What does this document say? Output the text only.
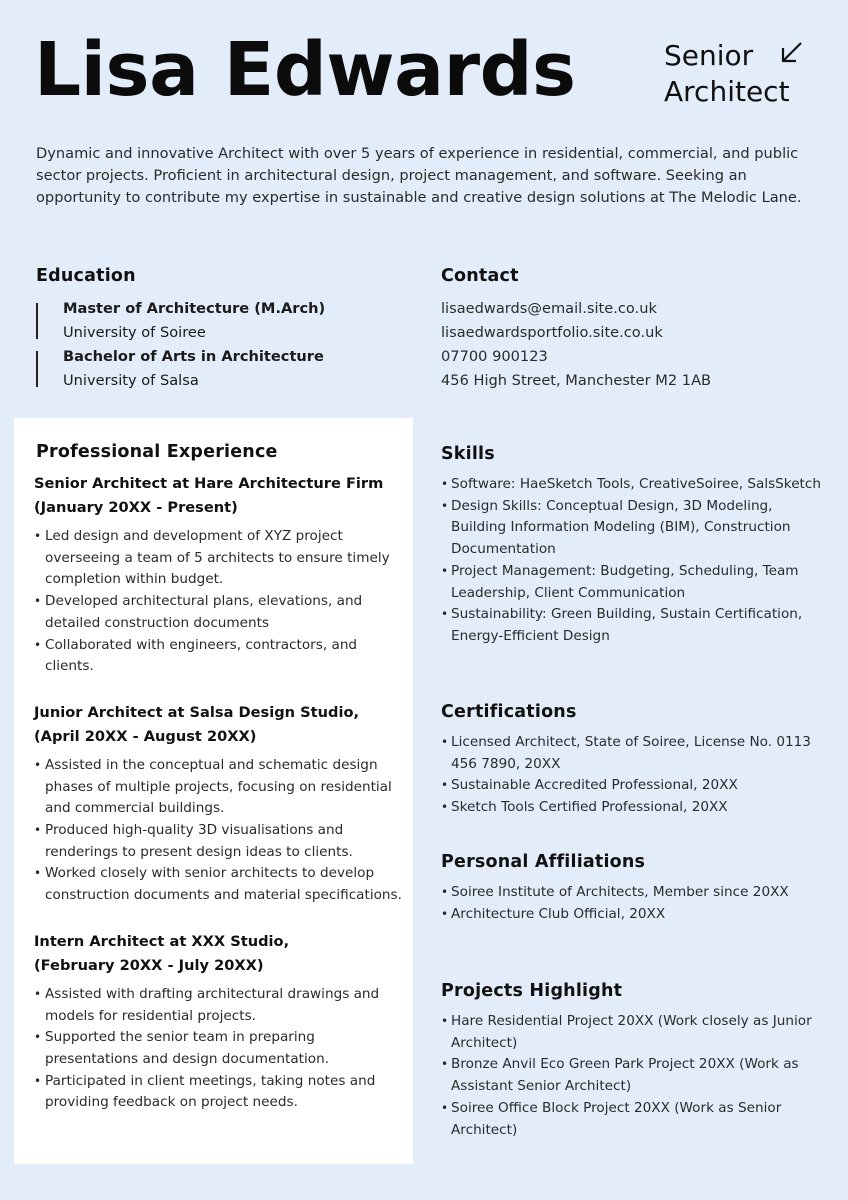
Lisa Edwards	Senior
Architect

Dynamic and innovative Architect with over 5 years of experience in residential, commercial, and public sector projects. Proficient in architectural design, project management, and software. Seeking an opportunity to contribute my expertise in sustainable and creative design solutions at The Melodic Lane.

Education
Master of Architecture (M.Arch)
University of Soiree
Bachelor of Arts in Architecture
University of Salsa
Contact
lisaedwards@email.site.co.uk
lisaedwardsportfolio.site.co.uk
07700 900123
456 High Street, Manchester M2 1AB
Professional Experience
Senior Architect at Hare Architecture Firm
(January 20XX - Present)
• Led design and development of XYZ project overseeing a team of 5 architects to ensure timely completion within budget.
• Developed architectural plans, elevations, and detailed construction documents
• Collaborated with engineers, contractors, and clients.
Junior Architect at Salsa Design Studio,
(April 20XX - August 20XX)
• Assisted in the conceptual and schematic design phases of multiple projects, focusing on residential and commercial buildings.
• Produced high-quality 3D visualisations and renderings to present design ideas to clients.
• Worked closely with senior architects to develop construction documents and material specifications.
Intern Architect at XXX Studio,
(February 20XX - July 20XX)
• Assisted with drafting architectural drawings and models for residential projects.
• Supported the senior team in preparing presentations and design documentation.
• Participated in client meetings, taking notes and providing feedback on project needs.
Skills
• Software: HaeSketch Tools, CreativeSoiree, SalsSketch
• Design Skills: Conceptual Design, 3D Modeling, Building Information Modeling (BIM), Construction Documentation
• Project Management: Budgeting, Scheduling, Team Leadership, Client Communication
• Sustainability: Green Building, Sustain Certification, Energy-Efficient Design
Certifications
• Licensed Architect, State of Soiree, License No. 0113 456 7890, 20XX
• Sustainable Accredited Professional, 20XX
• Sketch Tools Certified Professional, 20XX
Personal Affiliations
• Soiree Institute of Architects, Member since 20XX
• Architecture Club Official, 20XX
Projects Highlight
• Hare Residential Project 20XX (Work closely as Junior Architect)
• Bronze Anvil Eco Green Park Project 20XX (Work as Assistant Senior Architect)
• Soiree Office Block Project 20XX (Work as Senior Architect)
